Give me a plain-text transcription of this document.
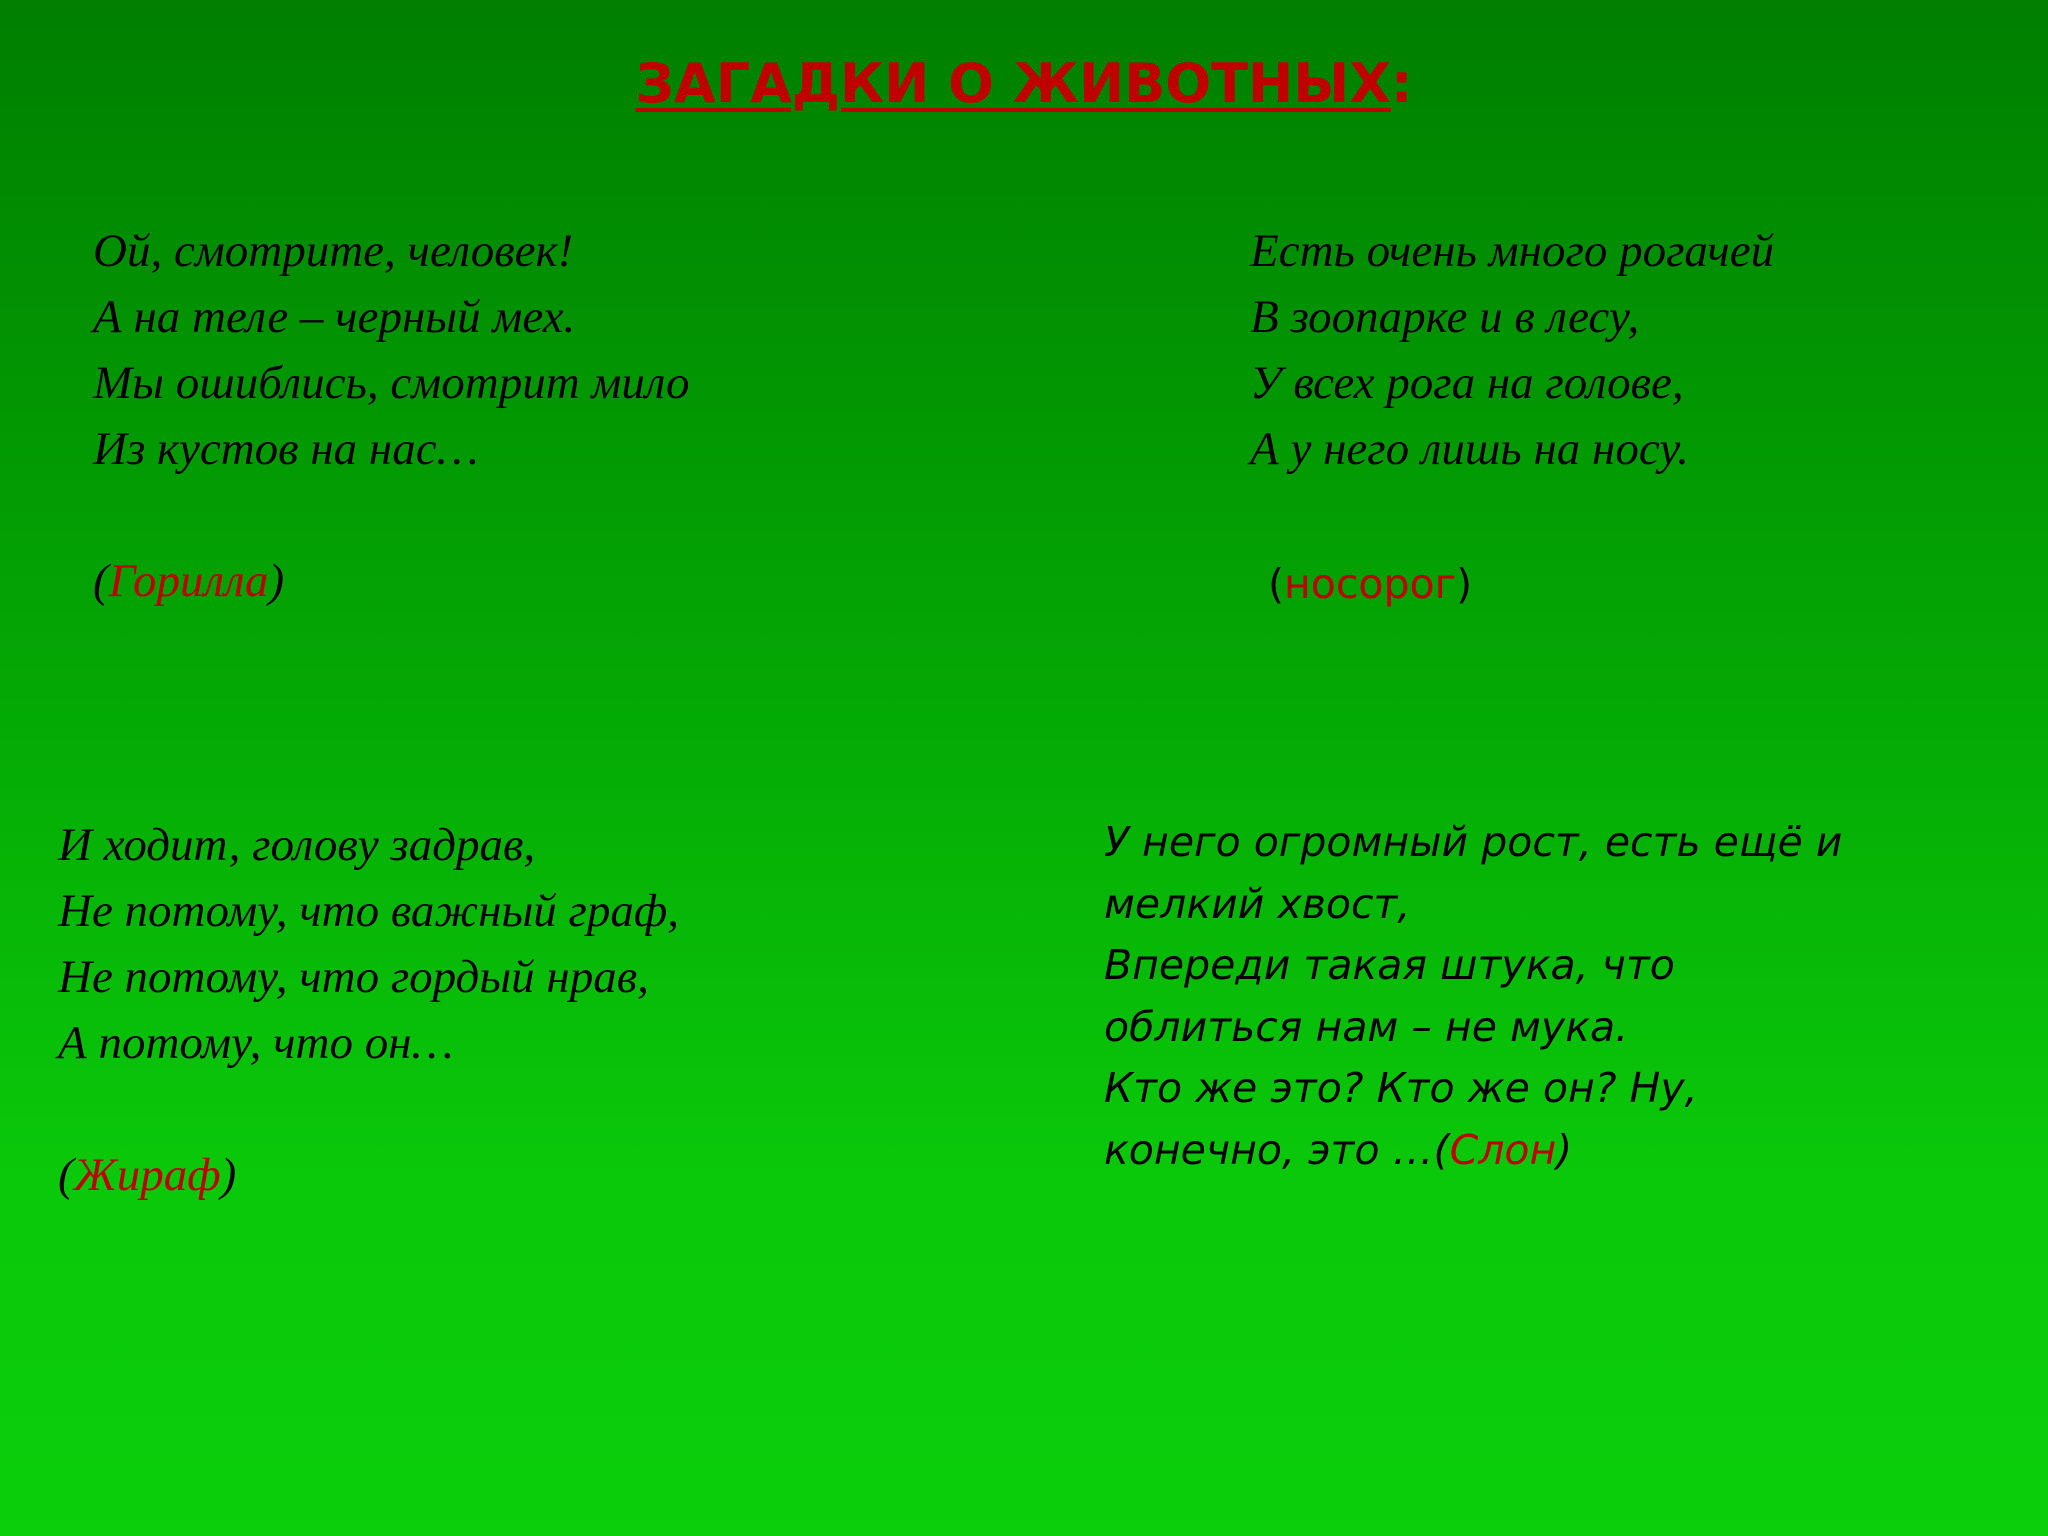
ЗАГАДКИ О ЖИВОТНЫХ:
Ой, смотрите, человек!
А на теле – черный мех.
Мы ошиблись, смотрит мило
Из кустов на нас…
(Горилла)
Есть очень много рогачей
В зоопарке и в лесу,
У всех рога на голове,
А у него лишь на носу.
(носорог)
И ходит, голову задрав,
Не потому, что важный граф,
Не потому, что гордый нрав,
А потому, что он…
(Жираф)
У него огромный рост, есть ещё и
мелкий хвост,
Впереди такая штука, что
облиться нам – не мука.
Кто же это? Кто же он? Ну,
конечно, это …(Слон)
